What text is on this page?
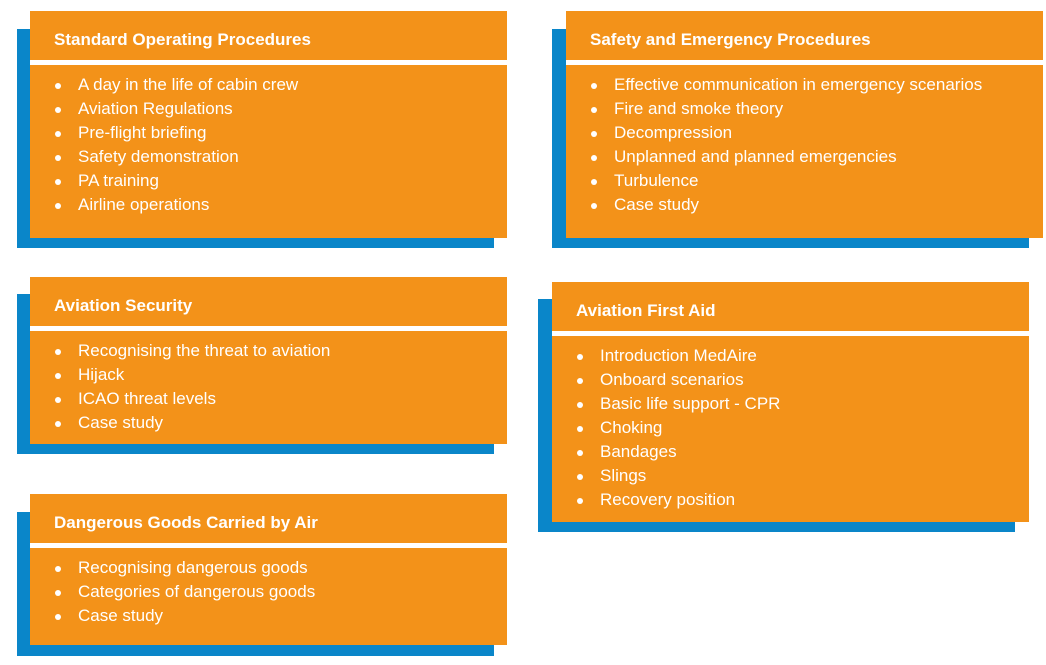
Standard Operating Procedures
A day in the life of cabin crew
Aviation Regulations
Pre-flight briefing
Safety demonstration
PA training
Airline operations
Safety and Emergency Procedures
Effective communication in emergency scenarios
Fire and smoke theory
Decompression
Unplanned and planned emergencies
Turbulence
Case study
Aviation Security
Recognising the threat to aviation
Hijack
ICAO threat levels
Case study
Aviation First Aid
Introduction MedAire
Onboard scenarios
Basic life support - CPR
Choking
Bandages
Slings
Recovery position
Dangerous Goods Carried by Air
Recognising dangerous goods
Categories of dangerous goods
Case study
